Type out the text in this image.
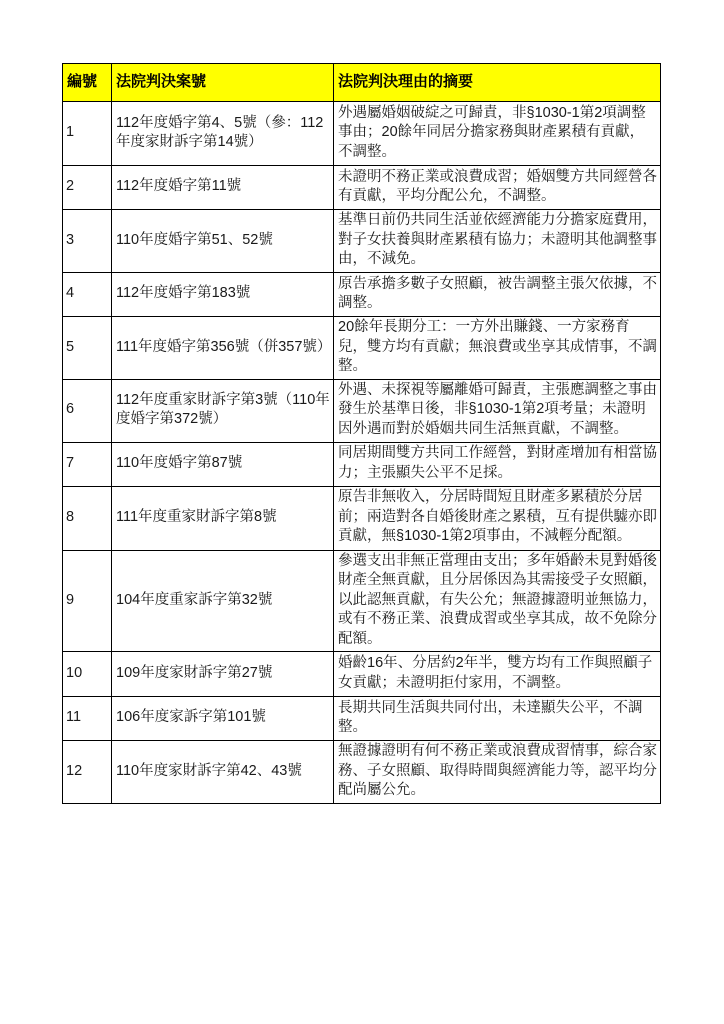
編號	法院判決案號	法院判決理由的摘要
1	112年度婚字第4、5號（參：112年度家財訴字第14號）	外遇屬婚姻破綻之可歸責，非§1030-1第2項調整事由；20餘年同居分擔家務與財產累積有貢獻，不調整。
2	112年度婚字第11號	未證明不務正業或浪費成習；婚姻雙方共同經營各有貢獻，平均分配公允，不調整。
3	110年度婚字第51、52號	基準日前仍共同生活並依經濟能力分擔家庭費用，對子女扶養與財產累積有協力；未證明其他調整事由，不減免。
4	112年度婚字第183號	原告承擔多數子女照顧，被告調整主張欠依據，不調整。
5	111年度婚字第356號（併357號）	20餘年長期分工：一方外出賺錢、一方家務育兒，雙方均有貢獻；無浪費或坐享其成情事，不調整。
6	112年度重家財訴字第3號（110年度婚字第372號）	外遇、未探視等屬離婚可歸責，主張應調整之事由發生於基準日後，非§1030-1第2項考量；未證明因外遇而對於婚姻共同生活無貢獻，不調整。
7	110年度婚字第87號	同居期間雙方共同工作經營，對財產增加有相當協力；主張顯失公平不足採。
8	111年度重家財訴字第8號	原告非無收入，分居時間短且財產多累積於分居前；兩造對各自婚後財產之累積，互有提供驉亦即貢獻，無§1030-1第2項事由，不減輕分配額。
9	104年度重家訴字第32號	參選支出非無正當理由支出；多年婚齡未見對婚後財產全無貢獻，且分居係因為其需接受子女照顧，以此認無貢獻，有失公允；無證據證明並無協力，或有不務正業、浪費成習或坐享其成，故不免除分配額。
10	109年度家財訴字第27號	婚齡16年、分居約2年半，雙方均有工作與照顧子女貢獻；未證明拒付家用，不調整。
11	106年度家訴字第101號	長期共同生活與共同付出，未達顯失公平，不調整。
12	110年度家財訴字第42、43號	無證據證明有何不務正業或浪費成習情事，綜合家務、子女照顧、取得時間與經濟能力等，認平均分配尚屬公允。
